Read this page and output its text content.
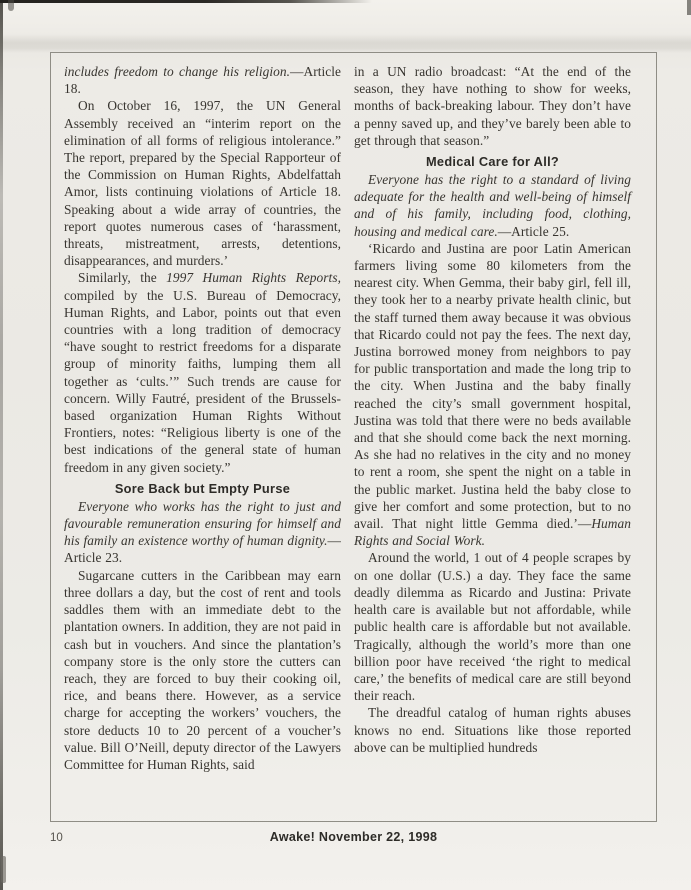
includes freedom to change his religion.—Article 18.

On October 16, 1997, the UN General Assembly received an “interim report on the elimination of all forms of religious intolerance.” The report, prepared by the Special Rapporteur of the Commission on Human Rights, Abdelfattah Amor, lists continuing violations of Article 18. Speaking about a wide array of countries, the report quotes numerous cases of ‘harassment, threats, mistreatment, arrests, detentions, disappearances, and murders.’

Similarly, the 1997 Human Rights Reports, compiled by the U.S. Bureau of Democracy, Human Rights, and Labor, points out that even countries with a long tradition of democracy “have sought to restrict freedoms for a disparate group of minority faiths, lumping them all together as ‘cults.’” Such trends are cause for concern. Willy Fautré, president of the Brussels-based organization Human Rights Without Frontiers, notes: “Religious liberty is one of the best indications of the general state of human freedom in any given society.”

Sore Back but Empty Purse

Everyone who works has the right to just and favourable remuneration ensuring for himself and his family an existence worthy of human dignity.—Article 23.

Sugarcane cutters in the Caribbean may earn three dollars a day, but the cost of rent and tools saddles them with an immediate debt to the plantation owners. In addition, they are not paid in cash but in vouchers. And since the plantation’s company store is the only store the cutters can reach, they are forced to buy their cooking oil, rice, and beans there. However, as a service charge for accepting the workers’ vouchers, the store deducts 10 to 20 percent of a voucher’s value. Bill O’Neill, deputy director of the Lawyers Committee for Human Rights, said

in a UN radio broadcast: “At the end of the season, they have nothing to show for weeks, months of back-breaking labour. They don’t have a penny saved up, and they’ve barely been able to get through that season.”

Medical Care for All?

Everyone has the right to a standard of living adequate for the health and well-being of himself and of his family, including food, clothing, housing and medical care.—Article 25.

‘Ricardo and Justina are poor Latin American farmers living some 80 kilometers from the nearest city. When Gemma, their baby girl, fell ill, they took her to a nearby private health clinic, but the staff turned them away because it was obvious that Ricardo could not pay the fees. The next day, Justina borrowed money from neighbors to pay for public transportation and made the long trip to the city. When Justina and the baby finally reached the city’s small government hospital, Justina was told that there were no beds available and that she should come back the next morning. As she had no relatives in the city and no money to rent a room, she spent the night on a table in the public market. Justina held the baby close to give her comfort and some protection, but to no avail. That night little Gemma died.’—Human Rights and Social Work.

Around the world, 1 out of 4 people scrapes by on one dollar (U.S.) a day. They face the same deadly dilemma as Ricardo and Justina: Private health care is available but not affordable, while public health care is affordable but not available. Tragically, although the world’s more than one billion poor have received ‘the right to medical care,’ the benefits of medical care are still beyond their reach.

The dreadful catalog of human rights abuses knows no end. Situations like those reported above can be multiplied hundreds

10	Awake! November 22, 1998
